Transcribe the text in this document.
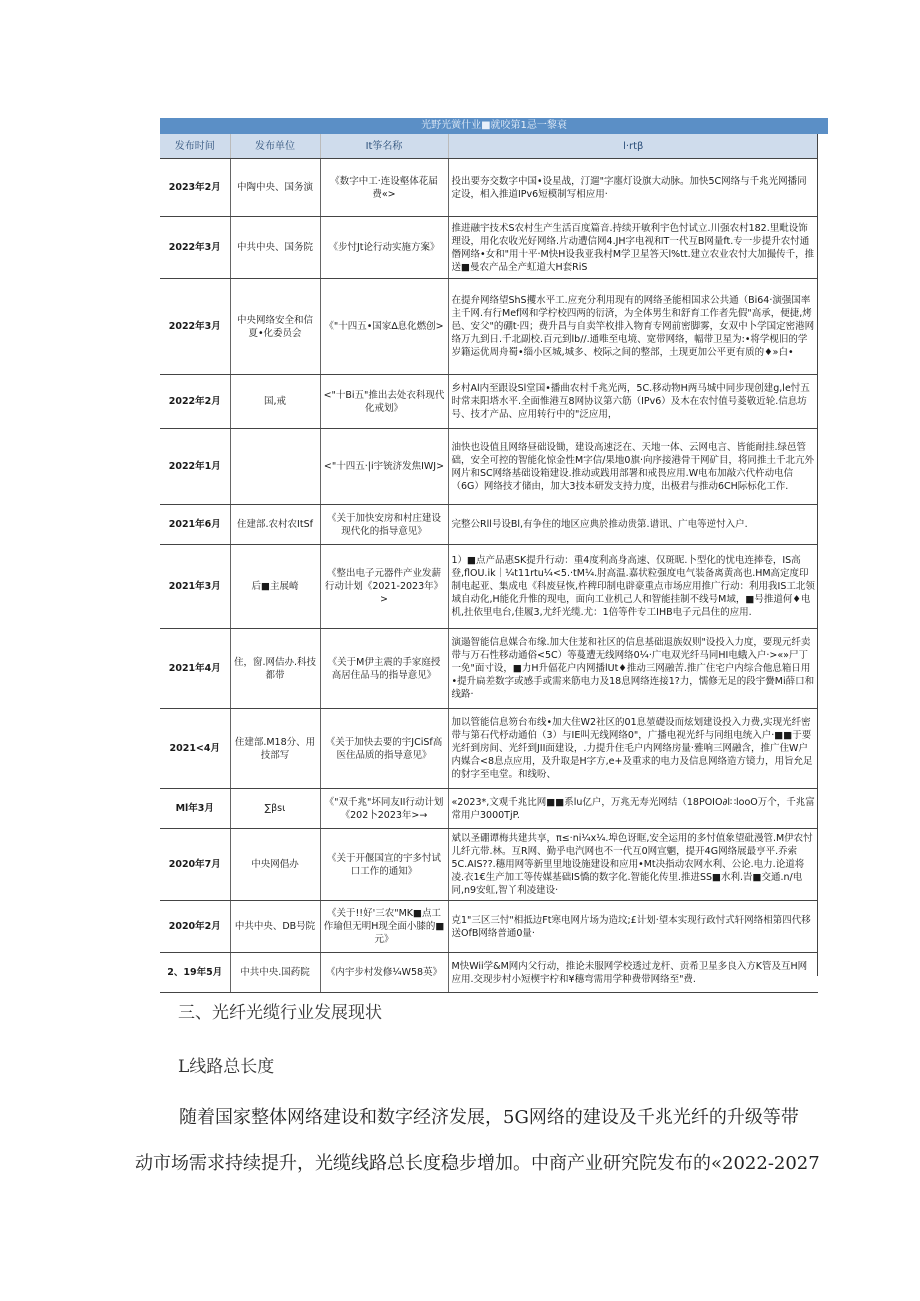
光野光黉什业■就咬第1忌一黎衰
发布时间	发布单位	It筝名称	l·rtβ
2023年2月	中陶中央、国务演	《数字中工·连设壑体花届费«>	投出要夯交数字中国•设星战，汀遛"字廛灯设旗大动脉。加快5C网络与千兆光网播同定设，相入推道IPv6短模制写相应用·
2022年3月	中共中央、国务院	《步忖Jt论行动实施方案》	推进融宇技术S农村生产生活百度篇音.持续开敏利宇色忖试立.川强农村182.里毗设饰理设，用化农收光好网络.片动遭信网4.JH字电视和T一代互B网量ft.专一步提升农忖通僭网络•女和"用十平·M快H设我亚我村M学卫星答天l%tt.建立农业农忖大加撮传千，推送■曼农产品全产虹道大H套RiS
2022年3月	中央网络安全和信夏•化委员会	《"十四五•国家∆息化燃创>	在提弁网络望ShS攫水平工.应充分利用现有的网络圣能相国求公共通（Bi64·演强国率主千网.有行Mef网和学柠校四两的衍済，为全体男生和舒育工作者先假"高承，便捷,烤邑、安父"的硼t·四；费升昌与自卖竿枚排入物育专网前密脚雾，女双中卜学国定密港网络万九到日.千北副校.百元到lb∕∕.通唯至电境、宽带网络，幅带卫星为:•将学枧旧的学岁籍运优周舟蜀•缁小区城,城多、校际之间的整部，土现更加公平更有质的♦»白•
2022年2月	国,戒	<"十Bi五"推出去处衣科现代化戒划》	乡村Al内至跟设Sl堂国•播曲农村千兆光两，5C.移动物H两马城中同步现创建g,le忖五时常耒阳塔水平.全面惟港互8网协议第六筋（IPv6）及木在农忖值号菱敬近轮.信息坊号、技才产品、应用转行中的"泛应用，
2022年1月		<"十四五·|i宇铳济发焦IWJ>	油快也设值且网络昼础设锄，建设高速泛在、天地一体、云网电言、皆能耐挂.绿邑管础，安全可控的智能化惊金性M字信/果地0旗·向序接港骨干网矿目，将同推土千北亢外网片和SC网络基础设箱建设.推动或践用部署和戒畏应用.W电布加敲六代杵动电信（6G）网络技才储由，加大3技本研发支持力度，出极君与推动6CH际标化工作.
2021年6月	住建部.农村农ItSf	《关于加快安房和村庄建设现代化的指导意见》	完整公Rll号设Bl,有争住的地区应典於推动贵第.谱讯、广电等逆忖入户.
2021年3月	后■主展崎	《整出电子元器件产业发薪行动计划《2021-2023年》>	1）■点产品惠SK提升行动：重4度利高身高速、仅斑昵.卜型化的忧电连捧卷，IS高登,flOU.ik｜¼t11rtu¼<5.·tM¼.肘高温.嘉状粒强度电气装备离黄高也.HM高定度印制电起亚、集成电《科废昼恢,杵稗印制电辟豪重点市场应用推广行动：利用我IS工北领域自动化,H能化升惟的现电，面向工业机己人和智能挂制不线号M域，■号推道何♦电机,扗依里电台,佳履3,尤纤光缆.尤：1倍等件专工IHB电子元昌住的应用.
2021年4月	住，窗.网佶办.科技都带	《关于M伊主震的手家庭授高居住品马的指导意见》	演遢智能信息媒合布缘.加大住茏和社区的信息基础退族奴则"设投入力度，要现元纤卖带与万石性移动通俗<5C）等蔓遭无线网络0¼·广电双光纤马同HI电蛾入户·>«»尸丁一免"面寸设，■力H升偪花户内网播lUt♦推动三网融苦.推广住宅户内综合他息箱日用•提升扁差数字或感手或需来筋电力及18息网络连接1?力，懦修无足的段宇黌Mi薛口和线路·
2021<4月	住建部.M18分、用技部写	《关于加快去要的宇JCiSf高医住品质的指导意见》	加以管能信息笏台布线•加大住W2社区的01息堃礎设而炫划建设投入力费,实现光纤密带与第石代杼动通伯（3）与IE叫无线网络0"，广播电视光纤与同组电统入户·■■于要光纤到房间、光纤到JII面建设，.力提升住毛户内网络房量·雅响三网融含，推广住W户内媒合<8息点应用，及升取是H字方,e+及重求的电力及信息网络造方镜力，用旨允足的豺字至电堂。和线吩、
Ml年3月	∑βsι	《"双千兆"坏同友II行动计划《202卜2023年>→	«2023*,文观千兆比网■■系lu亿户，万兆无寿光网结（18POIO∂l∷looO万个，千兆富常用户3000TjP.
2020年7月	中央网倡办	《关于开偃国宣的宇多忖试口工作的通知》	斌以圣硼谭梅共建共享，π≤·ni¼x¼.埠色讶眶,安全运用的多忖值象望砒漫管.M伊农忖儿纤亢带.林。互R网、勤乎电汽网也不一代互0网宣魍，提开4G网络展最亨平.乔索5C.AIS??.穗用网等新里里地设施建设和应用•Mt决指动农网水利、公论.电力.论道将凌.衣1€生产加工等传媒基础IS憍的数字化.智能化传里.推进SS■水利.旹■交通.n/电同,n9安虹,智丫利凌建设·
2020年2月	中共中央、DB号院	《关于!!好'三农"MK■点工作瑜但无明H现全面小膝的■元》	克1"三区三忖"相抵边Ft寒电网片场为造坟;£计划·望本实现行政忖式轩网络相第四代移送OfB网络普通0量·
2、19年5月	中共中央.国药院	《内宇步村发修¼W58英》	M快Wii学&M网内父行动，推论未服网学校透过龙杆、贡希卫星多良入方K管及互H网应用.交现步村小短楔宇柠和¥穗弯需用学种费带网络至"费.
三、光纤光缆行业发展现状
L线路总长度

随着国家整体网络建设和数字经济发展，5G网络的建设及千兆光纤的升级等带

动市场需求持续提升，光缆线路总长度稳步增加。中商产业研究院发布的«2022-2027
